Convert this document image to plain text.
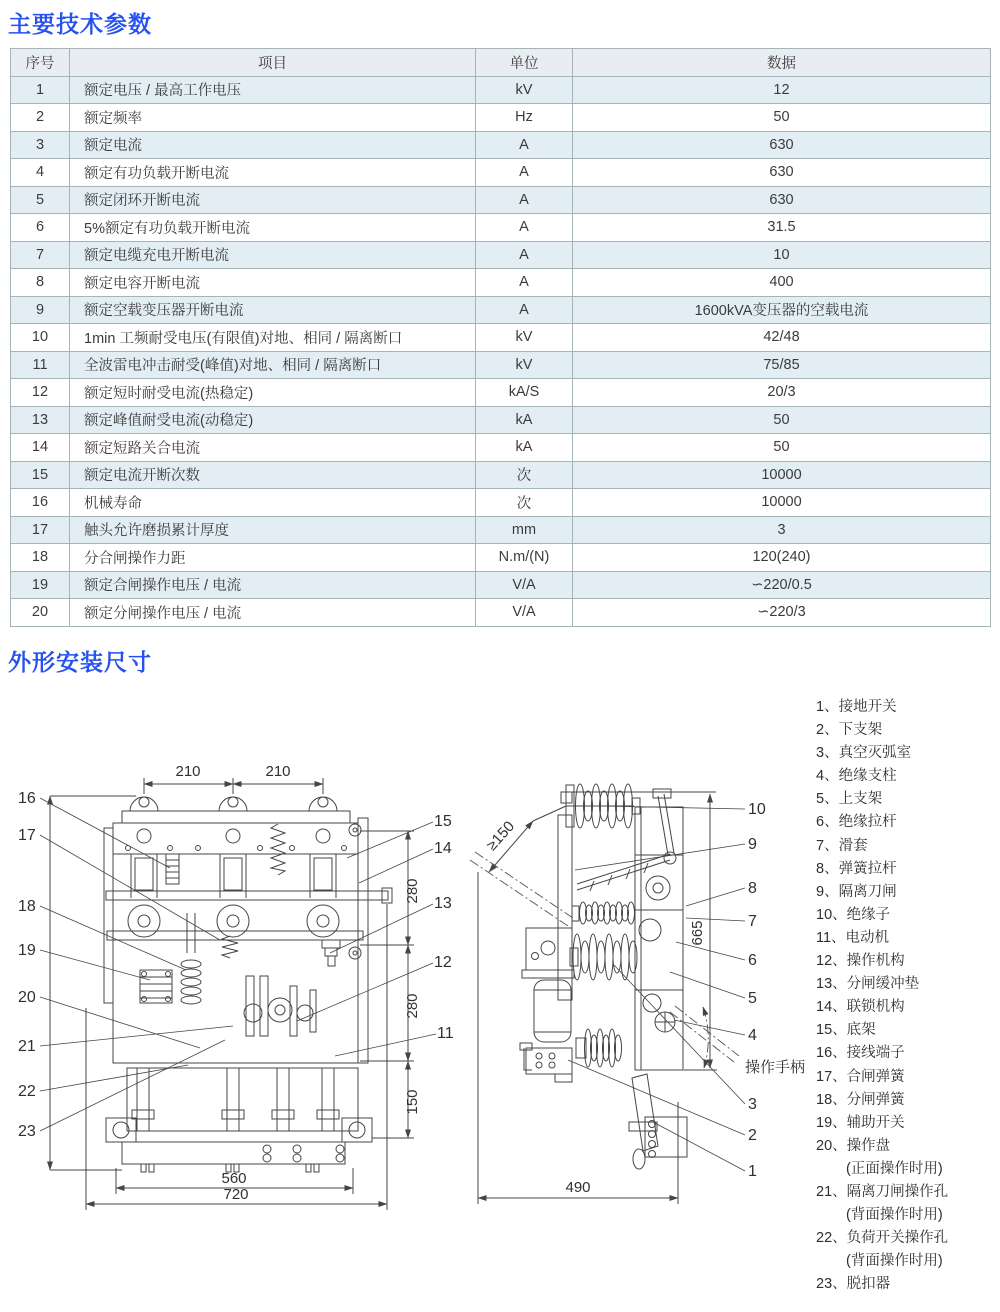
主要技术参数
序号	项目	单位	数据
1	额定电压 / 最高工作电压	kV	12
2	额定频率	Hz	50
3	额定电流	A	630
4	额定有功负载开断电流	A	630
5	额定闭环开断电流	A	630
6	5%额定有功负载开断电流	A	31.5
7	额定电缆充电开断电流	A	10
8	额定电容开断电流	A	400
9	额定空载变压器开断电流	A	1600kVA变压器的空载电流
10	1min 工频耐受电压(有限值)对地、相同 / 隔离断口	kV	42/48
11	全波雷电冲击耐受(峰值)对地、相同 / 隔离断口	kV	75/85
12	额定短时耐受电流(热稳定)	kA/S	20/3
13	额定峰值耐受电流(动稳定)	kA	50
14	额定短路关合电流	kA	50
15	额定电流开断次数	次	10000
16	机械寿命	次	10000
17	触头允许磨损累计厚度	mm	3
18	分合闸操作力距	N.m/(N)	120(240)
19	额定合闸操作电压 / 电流	V/A	∽220/0.5
20	额定分闸操作电压 / 电流	V/A	∽220/3
外形安装尺寸
210	210
280
280
150
560
720
16
17
18
19
20
21
22
23
15
14
13
12
11
≥150
665
490
10
9
8
7
6
5
4
3
2
1
操作手柄
1、接地开关
2、下支架
3、真空灭弧室
4、绝缘支柱
5、上支架
6、绝缘拉杆
7、滑套
8、弹簧拉杆
9、隔离刀闸
10、绝缘子
11、电动机
12、操作机构
13、分闸缓冲垫
14、联锁机构
15、底架
16、接线端子
17、合闸弹簧
18、分闸弹簧
19、辅助开关
20、操作盘
(正面操作时用)
21、隔离刀闸操作孔
(背面操作时用)
22、负荷开关操作孔
(背面操作时用)
23、脱扣器
